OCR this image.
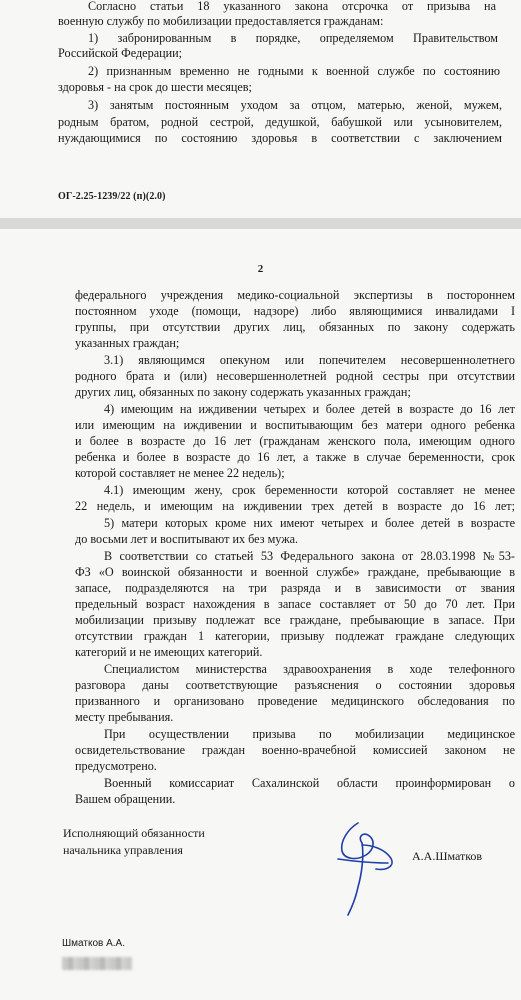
Согласно статьи 18 указанного закона отсрочка от призыва на

военную службу по мобилизации предоставляется гражданам:

1) забронированным в порядке, определяемом Правительством

Российской Федерации;

2) признанным временно не годными к военной службе по состоянию

здоровья - на срок до шести месяцев;

3) занятым постоянным уходом за отцом, матерью, женой, мужем,

родным братом, родной сестрой, дедушкой, бабушкой или усыновителем,

нуждающимися по состоянию здоровья в соответствии с заключением

ОГ-2.25-1239/22 (п)(2.0)

2

федерального учреждения медико-социальной экспертизы в постороннем

постоянном уходе (помощи, надзоре) либо являющимися инвалидами I

группы, при отсутствии других лиц, обязанных по закону содержать

указанных граждан;

3.1) являющимся опекуном или попечителем несовершеннолетнего

родного брата и (или) несовершеннолетней родной сестры при отсутствии

других лиц, обязанных по закону содержать указанных граждан;

4) имеющим на иждивении четырех и более детей в возрасте до 16 лет

или имеющим на иждивении и воспитывающим без матери одного ребенка

и более в возрасте до 16 лет (гражданам женского пола, имеющим одного

ребенка и более в возрасте до 16 лет, а также в случае беременности, срок

которой составляет не менее 22 недель);

4.1) имеющим жену, срок беременности которой составляет не менее

22 недель, и имеющим на иждивении трех детей в возрасте до 16 лет;

5) матери которых кроме них имеют четырех и более детей в возрасте

до восьми лет и воспитывают их без мужа.

В соответствии со статьей 53 Федерального закона от 28.03.1998 №53-

ФЗ «О воинской обязанности и военной службе» граждане, пребывающие в

запасе, подразделяются на три разряда и в зависимости от звания

предельный возраст нахождения в запасе составляет от 50 до 70 лет. При

мобилизации призыву подлежат все граждане, пребывающие в запасе. При

отсутствии граждан 1 категории, призыву подлежат граждане следующих

категорий и не имеющих категорий.

Специалистом министерства здравоохранения в ходе телефонного

разговора даны соответствующие разъяснения о состоянии здоровья

призванного и организовано проведение медицинского обследования по

месту пребывания.

При осуществлении призыва по мобилизации медицинское

освидетельствование граждан военно-врачебной комиссией законом не

предусмотрено.

Военный комиссариат Сахалинской области проинформирован о

Вашем обращении.

Исполняющий обязанности
начальника управления	А.А.Шматков
Шматков А.А.
